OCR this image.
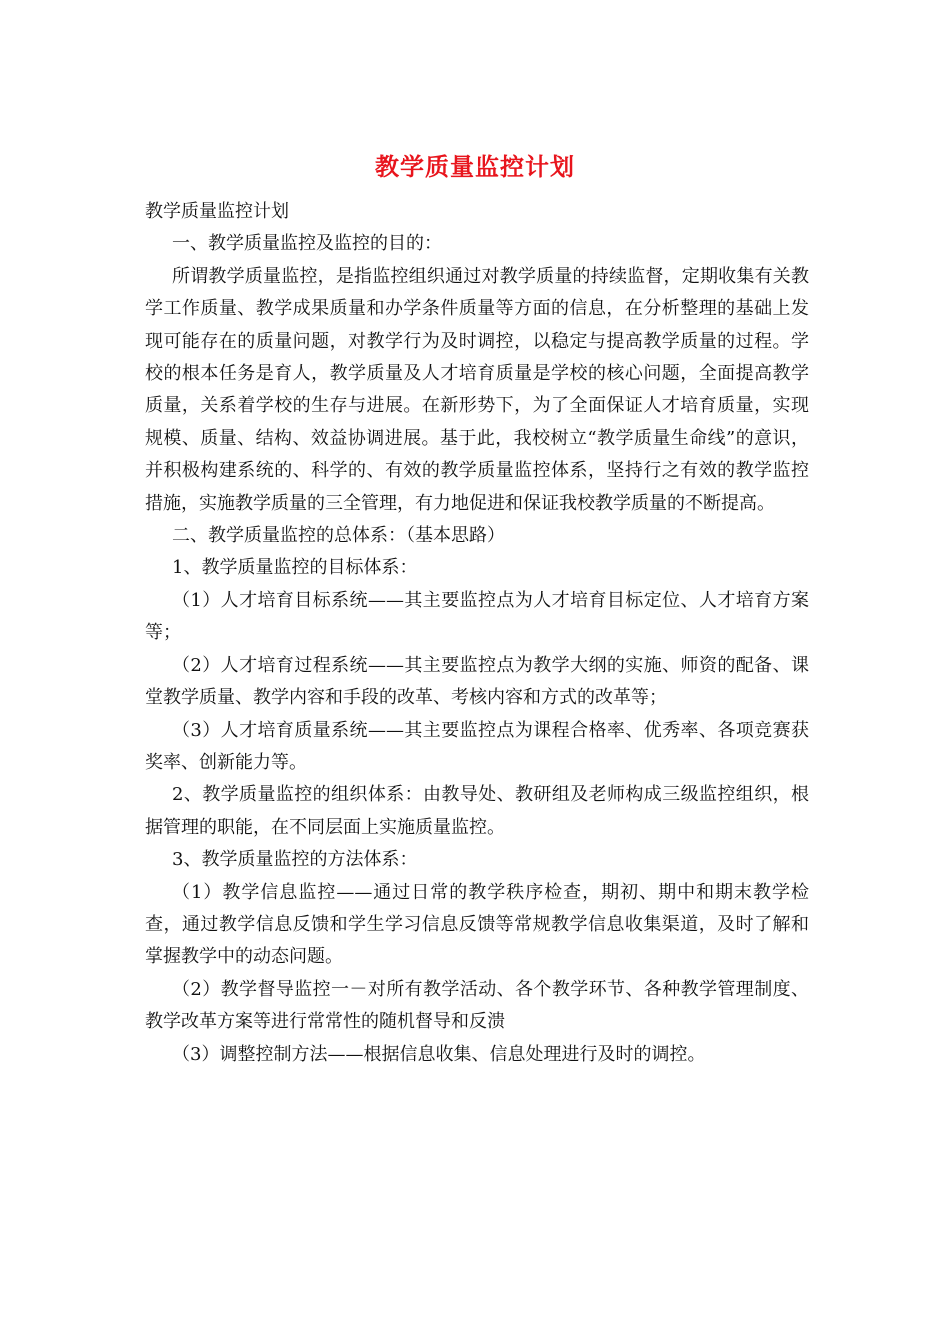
教学质量监控计划

教学质量监控计划

一、教学质量监控及监控的目的：

所谓教学质量监控，是指监控组织通过对教学质量的持续监督，定期收集有关教学工作质量、教学成果质量和办学条件质量等方面的信息，在分析整理的基础上发现可能存在的质量问题，对教学行为及时调控，以稳定与提高教学质量的过程。学校的根本任务是育人，教学质量及人才培育质量是学校的核心问题，全面提高教学质量，关系着学校的生存与进展。在新形势下，为了全面保证人才培育质量，实现规模、质量、结构、效益协调进展。基于此，我校树立“教学质量生命线”的意识，并积极构建系统的、科学的、有效的教学质量监控体系，坚持行之有效的教学监控措施，实施教学质量的三全管理，有力地促进和保证我校教学质量的不断提高。

二、教学质量监控的总体系：（基本思路）

1、教学质量监控的目标体系：

（1）人才培育目标系统——其主要监控点为人才培育目标定位、人才培育方案等；

（2）人才培育过程系统——其主要监控点为教学大纲的实施、师资的配备、课堂教学质量、教学内容和手段的改革、考核内容和方式的改革等；

（3）人才培育质量系统——其主要监控点为课程合格率、优秀率、各项竞赛获奖率、创新能力等。

2、教学质量监控的组织体系：由教导处、教研组及老师构成三级监控组织，根据管理的职能，在不同层面上实施质量监控。

3、教学质量监控的方法体系：

（1）教学信息监控——通过日常的教学秩序检查，期初、期中和期末教学检查，通过教学信息反馈和学生学习信息反馈等常规教学信息收集渠道，及时了解和掌握教学中的动态问题。

（2）教学督导监控一－对所有教学活动、各个教学环节、各种教学管理制度、教学改革方案等进行常常性的随机督导和反溃

（3）调整控制方法——根据信息收集、信息处理进行及时的调控。
